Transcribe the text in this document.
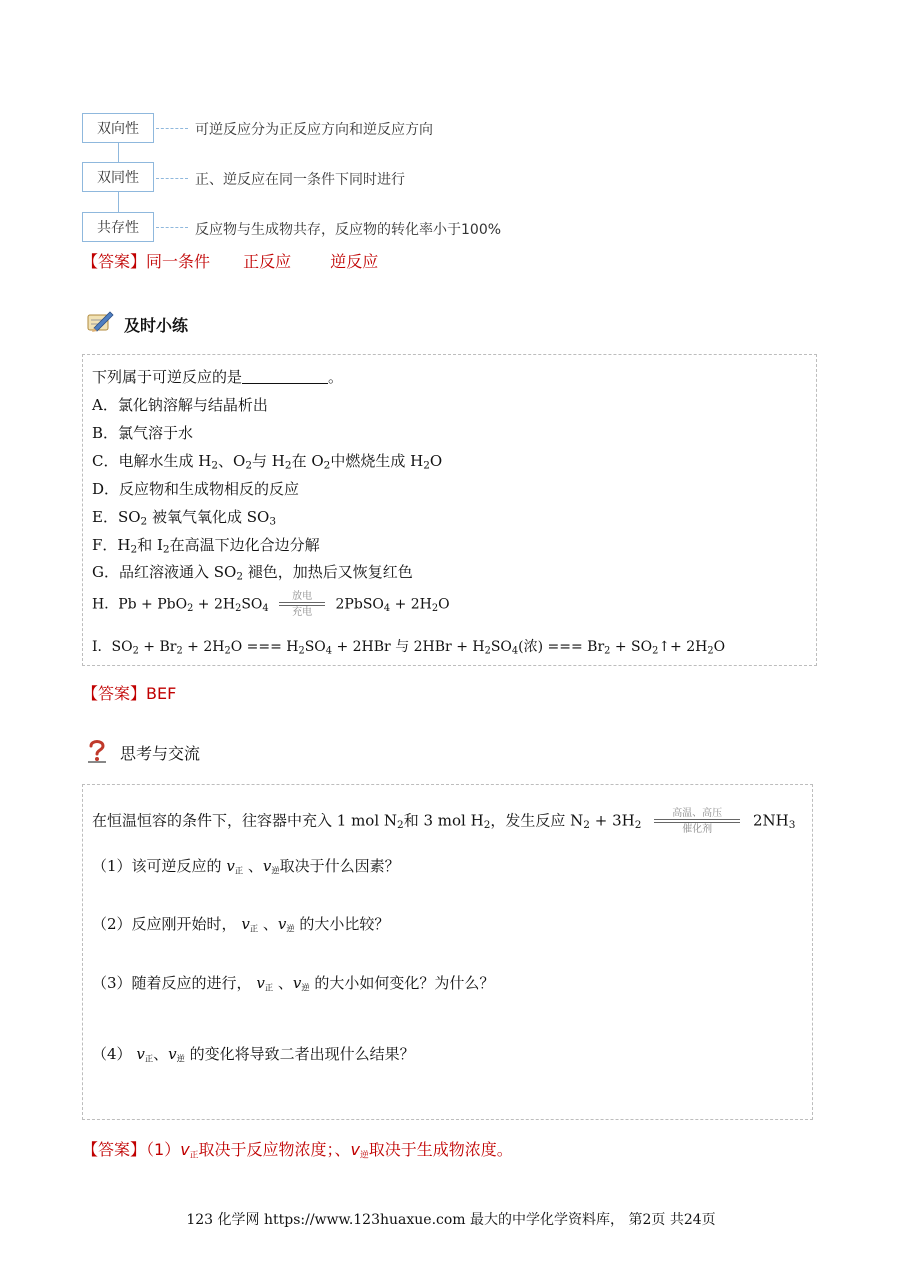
双向性	可逆反应分为正反应方向和逆反应方向
双同性	正、逆反应在同一条件下同时进行
共存性	反应物与生成物共存，反应物的转化率小于100%
【答案】同一条件 正反应 逆反应
及时小练
下列属于可逆反应的是	。
A．氯化钠溶解与结晶析出
B．氯气溶于水
C．电解水生成 $H_2$、$O_2$与 $H_2$在 $O_2$中燃烧生成 $H_2O$
D．反应物和生成物相反的反应
E．$SO_2$ 被氧气氧化成 $SO_3$
F．$H_2$和 $I_2$在高温下边化合边分解
G．品红溶液通入 $SO_2$ 褪色，加热后又恢复红色
H．$Pb + PbO_2 + 2H_2SO_4$
放电
充电	2PbSO$_4$ + $2H_2O$
I．$SO_2 + Br_2 + 2H_2O$ === $H_2SO_4 + 2HBr$ 与 $2HBr + H_2SO_4$(浓) === $Br_2$ + $SO_2↑+ 2H_2O$
【答案】BEF
思考与交流
在恒温恒容的条件下，往容器中充入 1 mol $N_2$和 3 mol $H_2$，发生反应 $N_2 + 3H_2$
高温、高压
催化剂	$2NH_3$
（1）该可逆反应的 v正 、v逆取决于什么因素？
（2）反应刚开始时， v正 、v逆 的大小比较？
（3）随着反应的进行， v正 、v逆 的大小如何变化？为什么？
（4） v正、v逆 的变化将导致二者出现什么结果？
【答案】（1）v正取决于反应物浓度；、v逆取决于生成物浓度。
123 化学网 https://www.123huaxue.com 最大的中学化学资料库， 第2页 共24页
